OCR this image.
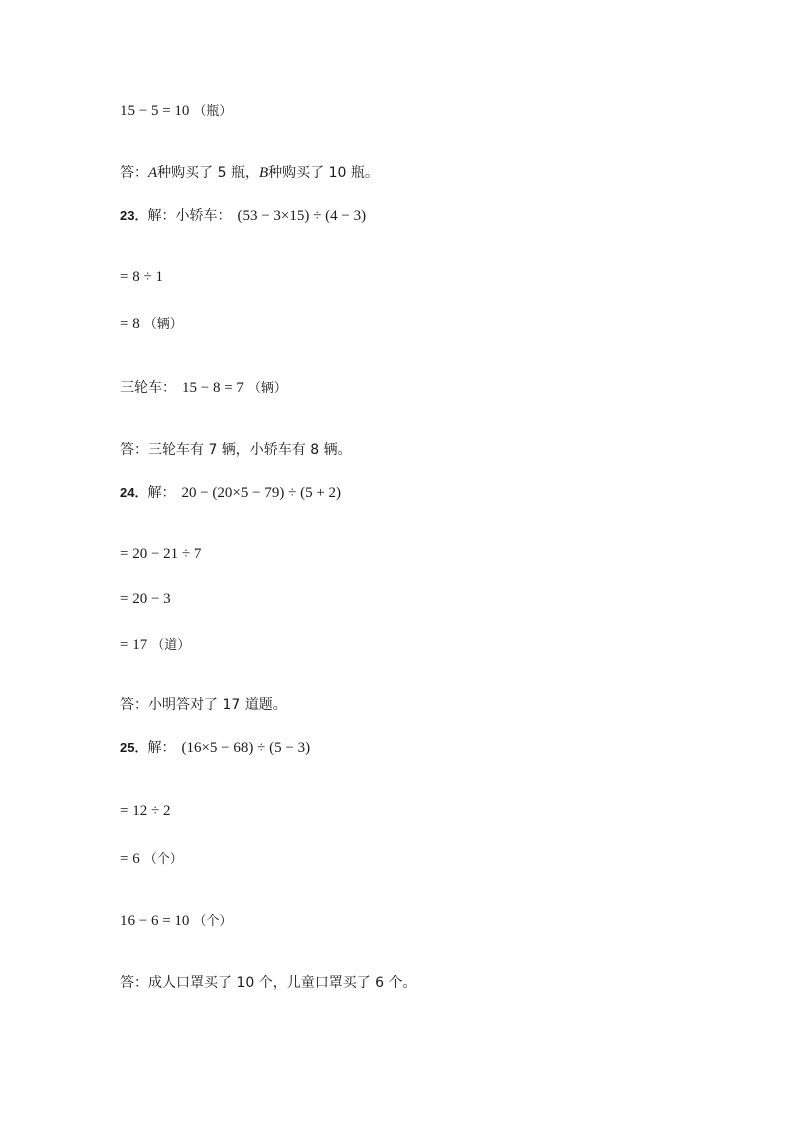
15 − 5 = 10 （瓶）
答：A种购买了 5 瓶，B种购买了 10 瓶。
23．解：小轿车： (53 − 3×15) ÷ (4 − 3)
= 8 ÷ 1
= 8 （辆）
三轮车： 15 − 8 = 7 （辆）
答：三轮车有 7 辆，小轿车有 8 辆。
24．解： 20 − (20×5 − 79) ÷ (5 + 2)
= 20 − 21 ÷ 7
= 20 − 3
= 17 （道）
答：小明答对了 17 道题。
25．解： (16×5 − 68) ÷ (5 − 3)
= 12 ÷ 2
= 6 （个）
16 − 6 = 10 （个）
答：成人口罩买了 10 个，儿童口罩买了 6 个。
